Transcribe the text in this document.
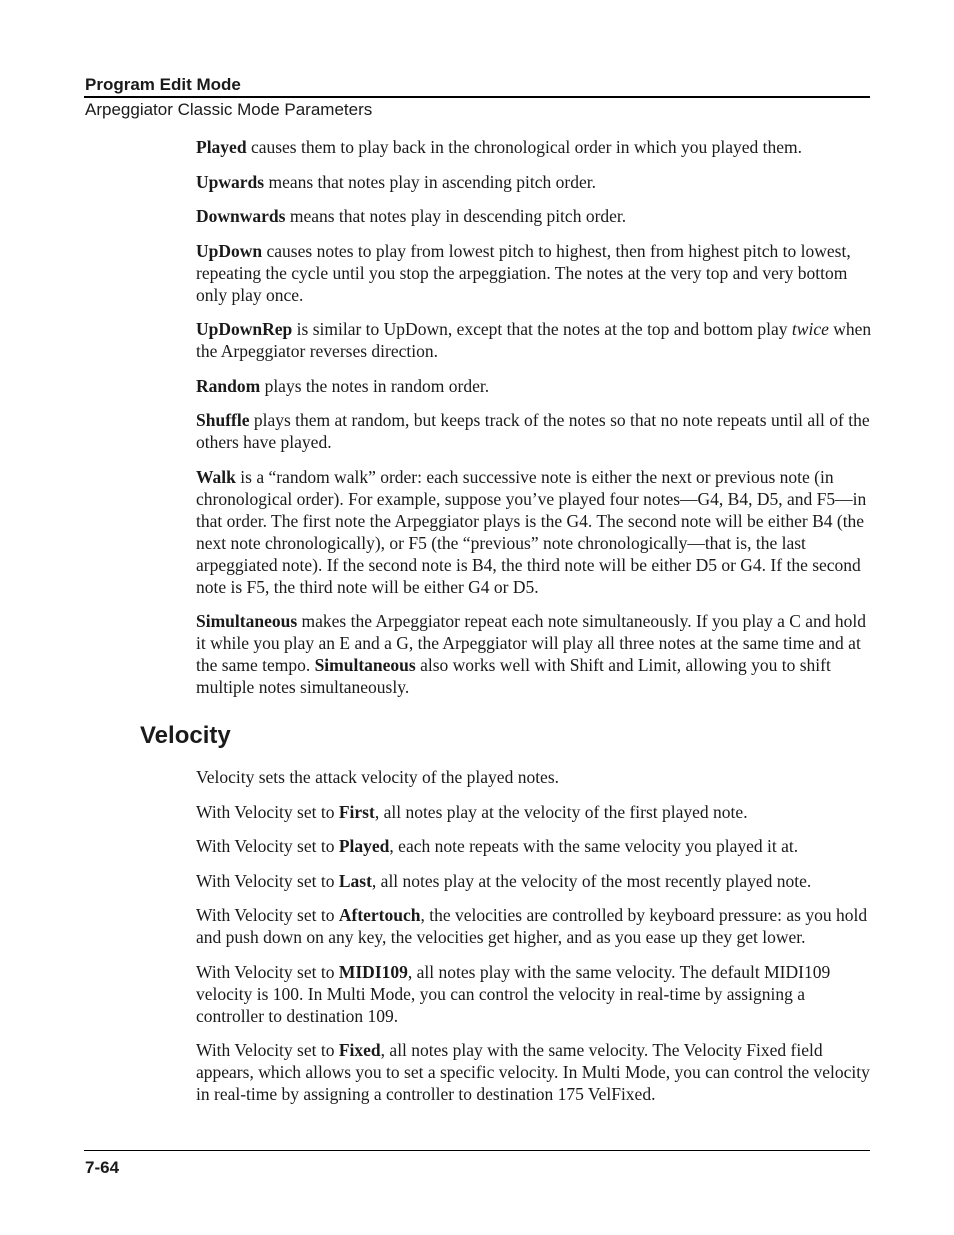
Program Edit Mode
Arpeggiator Classic Mode Parameters

Played causes them to play back in the chronological order in which you played them.

Upwards means that notes play in ascending pitch order.

Downwards means that notes play in descending pitch order.

UpDown causes notes to play from lowest pitch to highest, then from highest pitch to lowest, repeating the cycle until you stop the arpeggiation. The notes at the very top and very bottom only play once.

UpDownRep is similar to UpDown, except that the notes at the top and bottom play twice when the Arpeggiator reverses direction.

Random plays the notes in random order.

Shuffle plays them at random, but keeps track of the notes so that no note repeats until all of the others have played.

Walk is a “random walk” order: each successive note is either the next or previous note (in chronological order). For example, suppose you’ve played four notes—G4, B4, D5, and F5—in that order. The first note the Arpeggiator plays is the G4. The second note will be either B4 (the next note chronologically), or F5 (the “previous” note chronologically—that is, the last arpeggiated note). If the second note is B4, the third note will be either D5 or G4. If the second note is F5, the third note will be either G4 or D5.

Simultaneous makes the Arpeggiator repeat each note simultaneously. If you play a C and hold it while you play an E and a G, the Arpeggiator will play all three notes at the same time and at the same tempo. Simultaneous also works well with Shift and Limit, allowing you to shift multiple notes simultaneously.

Velocity

Velocity sets the attack velocity of the played notes.

With Velocity set to First, all notes play at the velocity of the first played note.

With Velocity set to Played, each note repeats with the same velocity you played it at.

With Velocity set to Last, all notes play at the velocity of the most recently played note.

With Velocity set to Aftertouch, the velocities are controlled by keyboard pressure: as you hold and push down on any key, the velocities get higher, and as you ease up they get lower.

With Velocity set to MIDI109, all notes play with the same velocity. The default MIDI109 velocity is 100. In Multi Mode, you can control the velocity in real-time by assigning a controller to destination 109.

With Velocity set to Fixed, all notes play with the same velocity. The Velocity Fixed field appears, which allows you to set a specific velocity. In Multi Mode, you can control the velocity in real-time by assigning a controller to destination 175 VelFixed.

7-64
